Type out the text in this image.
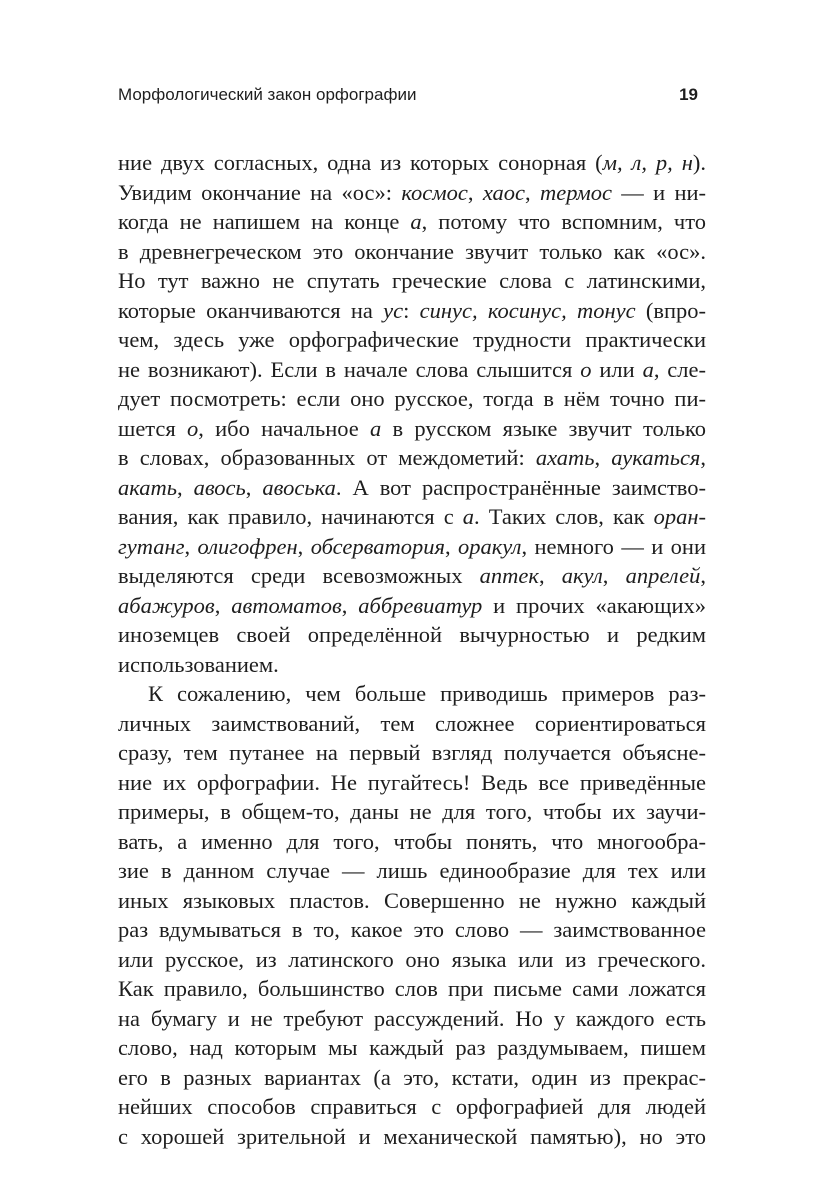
Морфологический закон орфографии	19
ние двух согласных, одна из которых сонорная (м, л, р, н).
Увидим окончание на «ос»: космос, хаос, термос — и ни-
когда не напишем на конце а, потому что вспомним, что
в древнегреческом это окончание звучит только как «ос».
Но тут важно не спутать греческие слова с латинскими,
которые оканчиваются на ус: синус, косинус, тонус (впро-
чем, здесь уже орфографические трудности практически
не возникают). Если в начале слова слышится о или а, сле-
дует посмотреть: если оно русское, тогда в нём точно пи-
шется о, ибо начальное а в русском языке звучит только
в словах, образованных от междометий: ахать, аукаться,
акать, авось, авоська. А вот распространённые заимство-
вания, как правило, начинаются с а. Таких слов, как оран-
гутанг, олигофрен, обсерватория, оракул, немного — и они
выделяются среди всевозможных аптек, акул, апрелей,
абажуров, автоматов, аббревиатур и прочих «акающих»
иноземцев своей определённой вычурностью и редким
использованием.
К сожалению, чем больше приводишь примеров раз-
личных заимствований, тем сложнее сориентироваться
сразу, тем путанее на первый взгляд получается объясне-
ние их орфографии. Не пугайтесь! Ведь все приведённые
примеры, в общем-то, даны не для того, чтобы их заучи-
вать, а именно для того, чтобы понять, что многообра-
зие в данном случае — лишь единообразие для тех или
иных языковых пластов. Совершенно не нужно каждый
раз вдумываться в то, какое это слово — заимствованное
или русское, из латинского оно языка или из греческого.
Как правило, большинство слов при письме сами ложатся
на бумагу и не требуют рассуждений. Но у каждого есть
слово, над которым мы каждый раз раздумываем, пишем
его в разных вариантах (а это, кстати, один из прекрас-
нейших способов справиться с орфографией для людей
с хорошей зрительной и механической памятью), но это
